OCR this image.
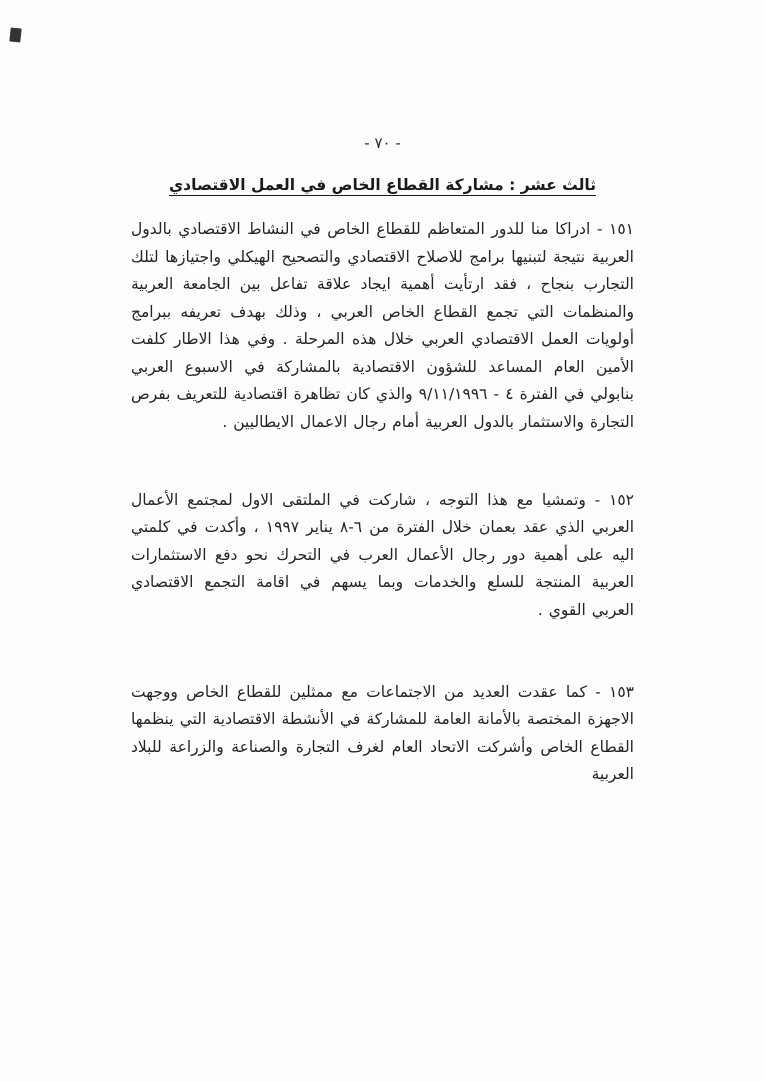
- ٧٠ -
ثالث عشر : مشاركة القطاع الخاص في العمل الاقتصادي

١٥١ - ادراكا منا للدور المتعاظم للقطاع الخاص في النشاط الاقتصادي بالدول العربية نتيجة لتبنيها برامج للاصلاح الاقتصادي والتصحيح الهيكلي واجتيازها لتلك التجارب بنجاح ، فقد ارتأيت أهمية ايجاد علاقة تفاعل بين الجامعة العربية والمنظمات التي تجمع القطاع الخاص العربي ، وذلك بهدف تعريفه ببرامج أولويات العمل الاقتصادي العربي خلال هذه المرحلة . وفي هذا الاطار كلفت الأمين العام المساعد للشؤون الاقتصادية بالمشاركة في الاسبوع العربي بنابولي في الفترة ٤ - ٩/١١/١٩٩٦ والذي كان تظاهرة اقتصادية للتعريف بفرص التجارة والاستثمار بالدول العربية أمام رجال الاعمال الايطاليين .

١٥٢ - وتمشيا مع هذا التوجه ، شاركت في الملتقى الاول لمجتمع الأعمال العربي الذي عقد بعمان خلال الفترة من ٦-٨ يناير ١٩٩٧ ، وأكدت في كلمتي اليه على أهمية دور رجال الأعمال العرب في التحرك نحو دفع الاستثمارات العربية المنتجة للسلع والخدمات وبما يسهم في اقامة التجمع الاقتصادي العربي القوي .

١٥٣ - كما عقدت العديد من الاجتماعات مع ممثلين للقطاع الخاص ووجهت الاجهزة المختصة بالأمانة العامة للمشاركة في الأنشطة الاقتصادية التي ينظمها القطاع الخاص وأشركت الاتحاد العام لغرف التجارة والصناعة والزراعة للبلاد العربية
